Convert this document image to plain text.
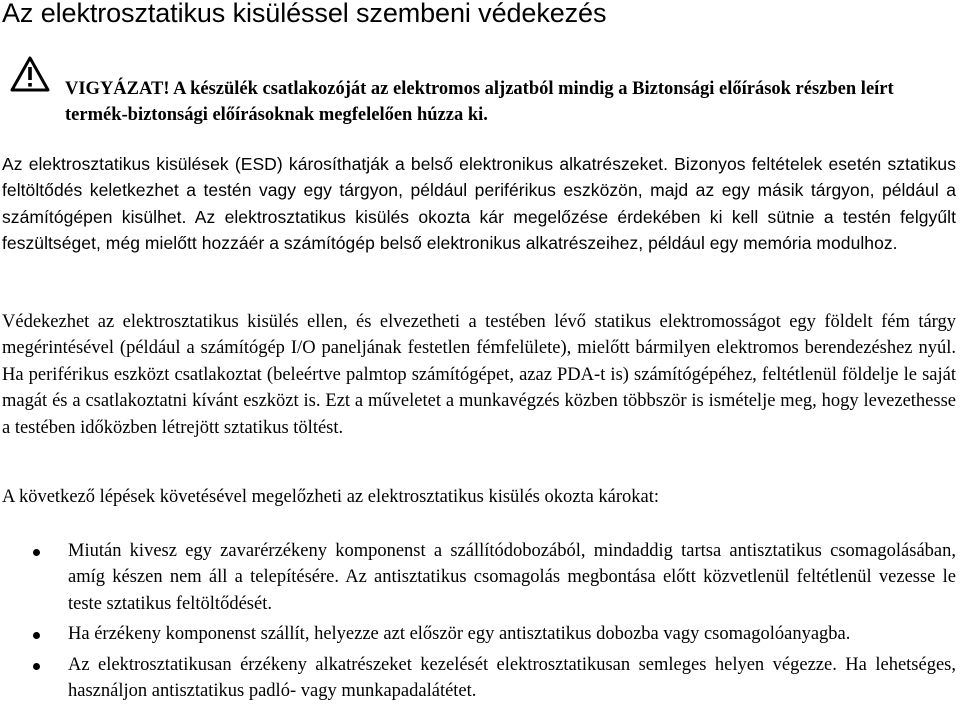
Az elektrosztatikus kisüléssel szembeni védekezés

VIGYÁZAT! A készülék csatlakozóját az elektromos aljzatból mindig a Biztonsági előírások részben leírt termék-biztonsági előírásoknak megfelelően húzza ki.

Az elektrosztatikus kisülések (ESD) károsíthatják a belső elektronikus alkatrészeket. Bizonyos feltételek esetén sztatikus feltöltődés keletkezhet a testén vagy egy tárgyon, például periférikus eszközön, majd az egy másik tárgyon, például a számítógépen kisülhet. Az elektrosztatikus kisülés okozta kár megelőzése érdekében ki kell sütnie a testén felgyűlt feszültséget, még mielőtt hozzáér a számítógép belső elektronikus alkatrészeihez, például egy memória modulhoz.

Védekezhet az elektrosztatikus kisülés ellen, és elvezetheti a testében lévő statikus elektromosságot egy földelt fém tárgy megérintésével (például a számítógép I/O paneljának festetlen fémfelülete), mielőtt bármilyen elektromos berendezéshez nyúl. Ha periférikus eszközt csatlakoztat (beleértve palmtop számítógépet, azaz PDA-t is) számítógépéhez, feltétlenül földelje le saját magát és a csatlakoztatni kívánt eszközt is. Ezt a műveletet a munkavégzés közben többször is ismételje meg, hogy levezethesse a testében időközben létrejött sztatikus töltést.

A következő lépések követésével megelőzheti az elektrosztatikus kisülés okozta károkat:

Miután kivesz egy zavarérzékeny komponenst a szállítódobozából, mindaddig tartsa antisztatikus csomagolásában, amíg készen nem áll a telepítésére. Az antisztatikus csomagolás megbontása előtt közvetlenül feltétlenül vezesse le teste sztatikus feltöltődését.
Ha érzékeny komponenst szállít, helyezze azt először egy antisztatikus dobozba vagy csomagolóanyagba.
Az elektrosztatikusan érzékeny alkatrészeket kezelését elektrosztatikusan semleges helyen végezze. Ha lehetséges, használjon antisztatikus padló- vagy munkapadalátétet.
